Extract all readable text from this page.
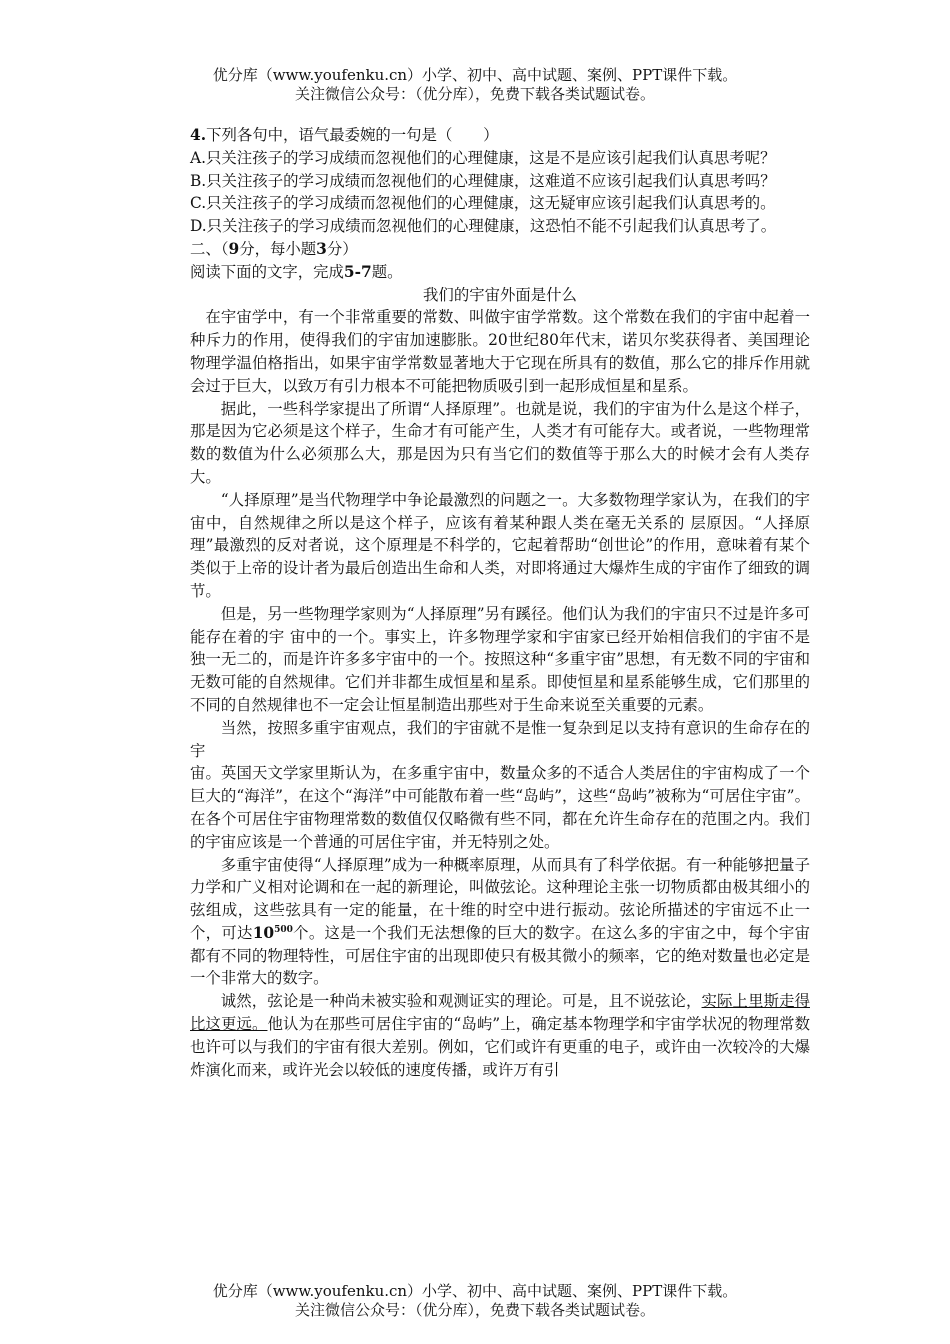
优分库（www.youfenku.cn）小学、初中、高中试题、案例、PPT课件下载。
关注微信公众号：（优分库），免费下载各类试题试卷。

4.下列各句中，语气最委婉的一句是（　　）

A.只关注孩子的学习成绩而忽视他们的心理健康，这是不是应该引起我们认真思考呢？

B.只关注孩子的学习成绩而忽视他们的心理健康，这难道不应该引起我们认真思考吗？

C.只关注孩子的学习成绩而忽视他们的心理健康，这无疑审应该引起我们认真思考的。

D.只关注孩子的学习成绩而忽视他们的心理健康，这恐怕不能不引起我们认真思考了。

二、（9分，每小题3分）

阅读下面的文字，完成5-7题。

我们的宇宙外面是什么

在宇宙学中，有一个非常重要的常数、叫做宇宙学常数。这个常数在我们的宇宙中起着一种斥力的作用，使得我们的宇宙加速膨胀。20世纪80年代末，诺贝尔奖获得者、美国理论物理学温伯格指出，如果宇宙学常数显著地大于它现在所具有的数值，那么它的排斥作用就会过于巨大，以致万有引力根本不可能把物质吸引到一起形成恒星和星系。

据此，一些科学家提出了所谓“人择原理”。也就是说，我们的宇宙为什么是这个样子，那是因为它必须是这个样子，生命才有可能产生，人类才有可能存大。或者说，一些物理常数的数值为什么必须那么大，那是因为只有当它们的数值等于那么大的时候才会有人类存大。

“人择原理”是当代物理学中争论最激烈的问题之一。大多数物理学家认为，在我们的宇宙中，自然规律之所以是这个样子，应该有着某种跟人类在毫无关系的 层原因。“人择原理”最激烈的反对者说，这个原理是不科学的，它起着帮助“创世论”的作用，意味着有某个类似于上帝的设计者为最后创造出生命和人类，对即将通过大爆炸生成的宇宙作了细致的调节。

但是，另一些物理学家则为“人择原理”另有蹊径。他们认为我们的宇宙只不过是许多可能存在着的宇 宙中的一个。事实上，许多物理学家和宇宙家已经开始相信我们的宇宙不是独一无二的，而是许许多多宇宙中的一个。按照这种“多重宇宙”思想，有无数不同的宇宙和无数可能的自然规律。它们并非都生成恒星和星系。即使恒星和星系能够生成，它们那里的不同的自然规律也不一定会让恒星制造出那些对于生命来说至关重要的元素。

当然，按照多重宇宙观点，我们的宇宙就不是惟一复杂到足以支持有意识的生命存在的宇

宙。英国天文学家里斯认为，在多重宇宙中，数量众多的不适合人类居住的宇宙构成了一个巨大的“海洋”，在这个“海洋”中可能散布着一些“岛屿”，这些“岛屿”被称为“可居住宇宙”。在各个可居住宇宙物理常数的数值仅仅略微有些不同，都在允许生命存在的范围之内。我们的宇宙应该是一个普通的可居住宇宙，并无特别之处。

多重宇宙使得“人择原理”成为一种概率原理，从而具有了科学依据。有一种能够把量子力学和广义相对论调和在一起的新理论，叫做弦论。这种理论主张一切物质都由极其细小的弦组成，这些弦具有一定的能量，在十维的时空中进行振动。弦论所描述的宇宙远不止一个，可达$10^{500}$个。这是一个我们无法想像的巨大的数字。在这么多的宇宙之中，每个宇宙都有不同的物理特性，可居住宇宙的出现即使只有极其微小的频率，它的绝对数量也必定是一个非常大的数字。

诚然，弦论是一种尚未被实验和观测证实的理论。可是，且不说弦论，实际上里斯走得比这更远。他认为在那些可居住宇宙的“岛屿”上，确定基本物理学和宇宙学状况的物理常数也许可以与我们的宇宙有很大差别。例如，它们或许有更重的电子，或许由一次较冷的大爆炸演化而来，或许光会以较低的速度传播，或许万有引

优分库（www.youfenku.cn）小学、初中、高中试题、案例、PPT课件下载。
关注微信公众号：（优分库），免费下载各类试题试卷。
